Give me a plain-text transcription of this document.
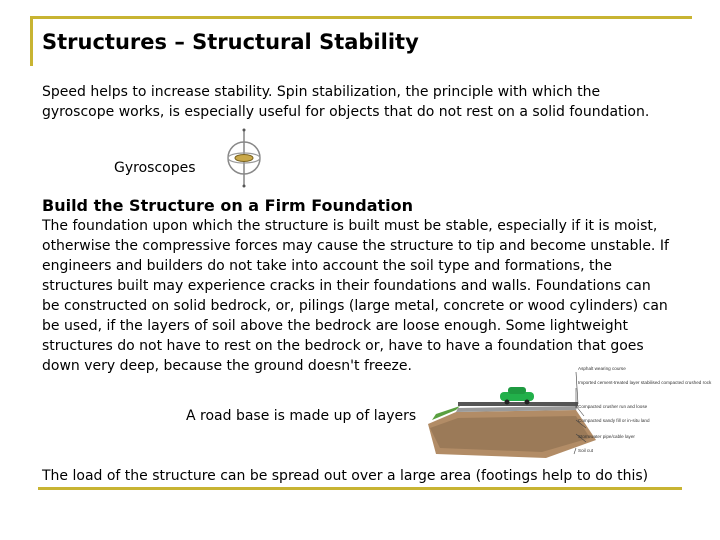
Structures – Structural Stability
Speed helps to increase stability. Spin stabilization, the principle with which the gyroscope works, is especially useful for objects that do not rest on a solid foundation.
Gyroscopes
Build the Structure on a Firm Foundation
The foundation upon which the structure is built must be stable, especially if it is moist, otherwise the compressive forces may cause the structure to tip and become unstable. If engineers and builders do not take into account the soil type and formations, the structures built may experience cracks in their foundations and walls. Foundations can be constructed on solid bedrock, or, pilings (large metal, concrete or wood cylinders) can be used, if the layers of soil above the bedrock are loose enough. Some lightweight structures do not have to rest on the bedrock or, have to have a foundation that goes down very deep, because the ground doesn't freeze.
A road base is made up of layers
Asphalt wearing course
Imported cement-treated layer stabilised compacted crushed rock
Compacted crusher run and loose
Compacted sandy fill or in-situ land
Stormwater pipe/cable layer
Soil cut
The load of the structure can be spread out over a large area (footings help to do this)
